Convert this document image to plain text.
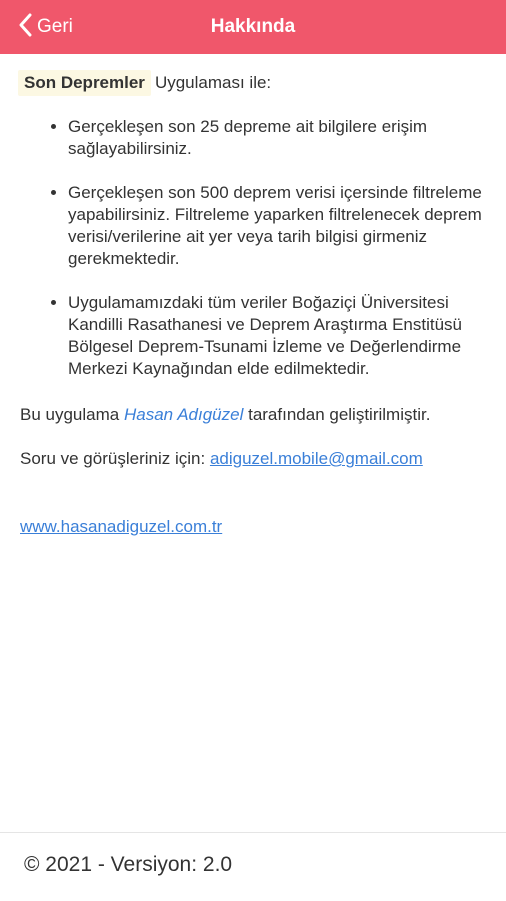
Geri	Hakkında

Son Depremler Uygulaması ile:

• Gerçekleşen son 25 depreme ait bilgilere erişim sağlayabilirsiniz.
• Gerçekleşen son 500 deprem verisi içersinde filtreleme yapabilirsiniz. Filtreleme yaparken filtrelenecek deprem verisi/verilerine ait yer veya tarih bilgisi girmeniz gerekmektedir.
• Uygulamamızdaki tüm veriler Boğaziçi Üniversitesi Kandilli Rasathanesi ve Deprem Araştırma Enstitüsü Bölgesel Deprem-Tsunami İzleme ve Değerlendirme Merkezi Kaynağından elde edilmektedir.

Bu uygulama Hasan Adıgüzel tarafından geliştirilmiştir.

Soru ve görüşleriniz için: adiguzel.mobile@gmail.com

www.hasanadiguzel.com.tr

© 2021 - Versiyon: 2.0
